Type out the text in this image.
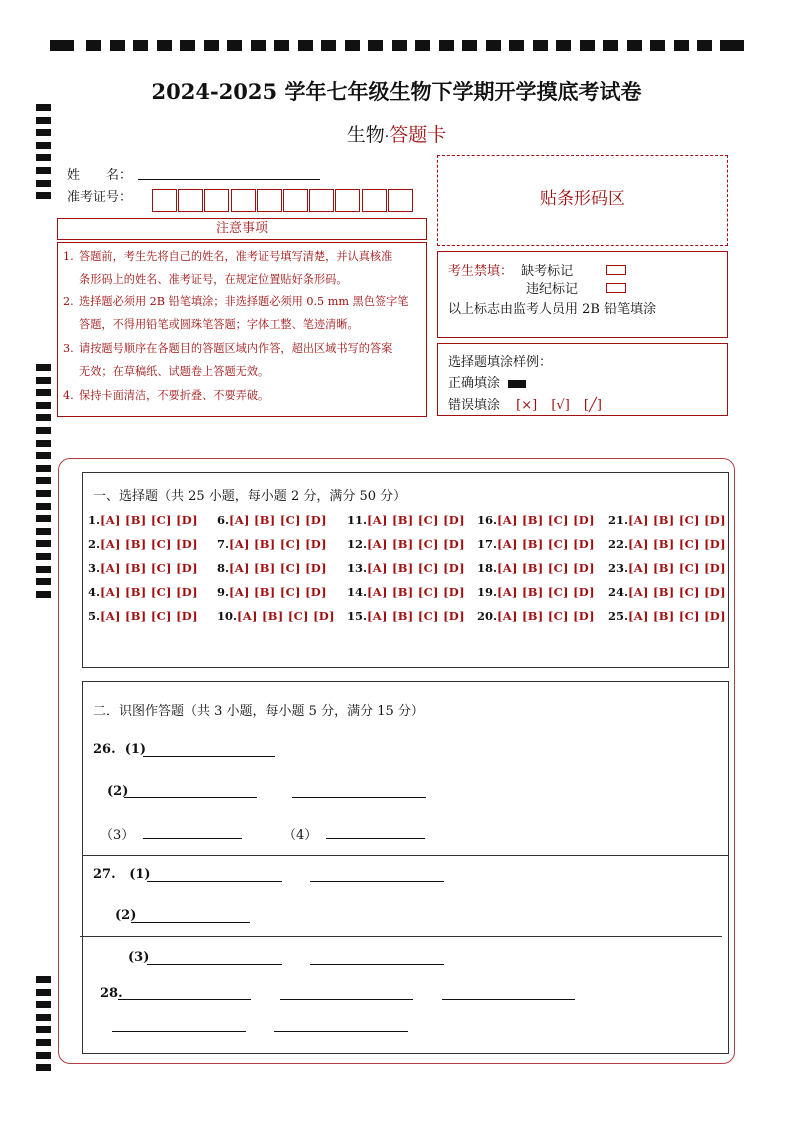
2024-2025 学年七年级生物下学期开学摸底考试卷
生物·答题卡
姓　　名：
准考证号：
注意事项
1. 答题前，考生先将自己的姓名，准考证号填写清楚，并认真核准
条形码上的姓名、准考证号，在规定位置贴好条形码。
2. 选择题必须用 2B 铅笔填涂；非选择题必须用 0.5 mm 黑色签字笔
答题，不得用铅笔或圆珠笔答题；字体工整、笔迹清晰。
3. 请按题号顺序在各题目的答题区域内作答，超出区域书写的答案
无效；在草稿纸、试题卷上答题无效。
4. 保持卡面清洁，不要折叠、不要弄破。
贴条形码区
考生禁填： 缺考标记
违纪标记
以上标志由监考人员用 2B 铅笔填涂
选择题填涂样例：
正确填涂
错误填涂 [×] [√] [╱]
一、选择题（共 25 小题，每小题 2 分，满分 50 分）
1.[A] [B] [C] [D]
2.[A] [B] [C] [D]
3.[A] [B] [C] [D]
4.[A] [B] [C] [D]
5.[A] [B] [C] [D]
6.[A] [B] [C] [D]
7.[A] [B] [C] [D]
8.[A] [B] [C] [D]
9.[A] [B] [C] [D]
10.[A] [B] [C] [D]
11.[A] [B] [C] [D]
12.[A] [B] [C] [D]
13.[A] [B] [C] [D]
14.[A] [B] [C] [D]
15.[A] [B] [C] [D]
16.[A] [B] [C] [D]
17.[A] [B] [C] [D]
18.[A] [B] [C] [D]
19.[A] [B] [C] [D]
20.[A] [B] [C] [D]
21.[A] [B] [C] [D]
22.[A] [B] [C] [D]
23.[A] [B] [C] [D]
24.[A] [B] [C] [D]
25.[A] [B] [C] [D]
二．识图作答题（共 3 小题，每小题 5 分，满分 15 分）
26. (1)
(2)
（3）	（4）
27. (1)
(2)
(3)
28.
